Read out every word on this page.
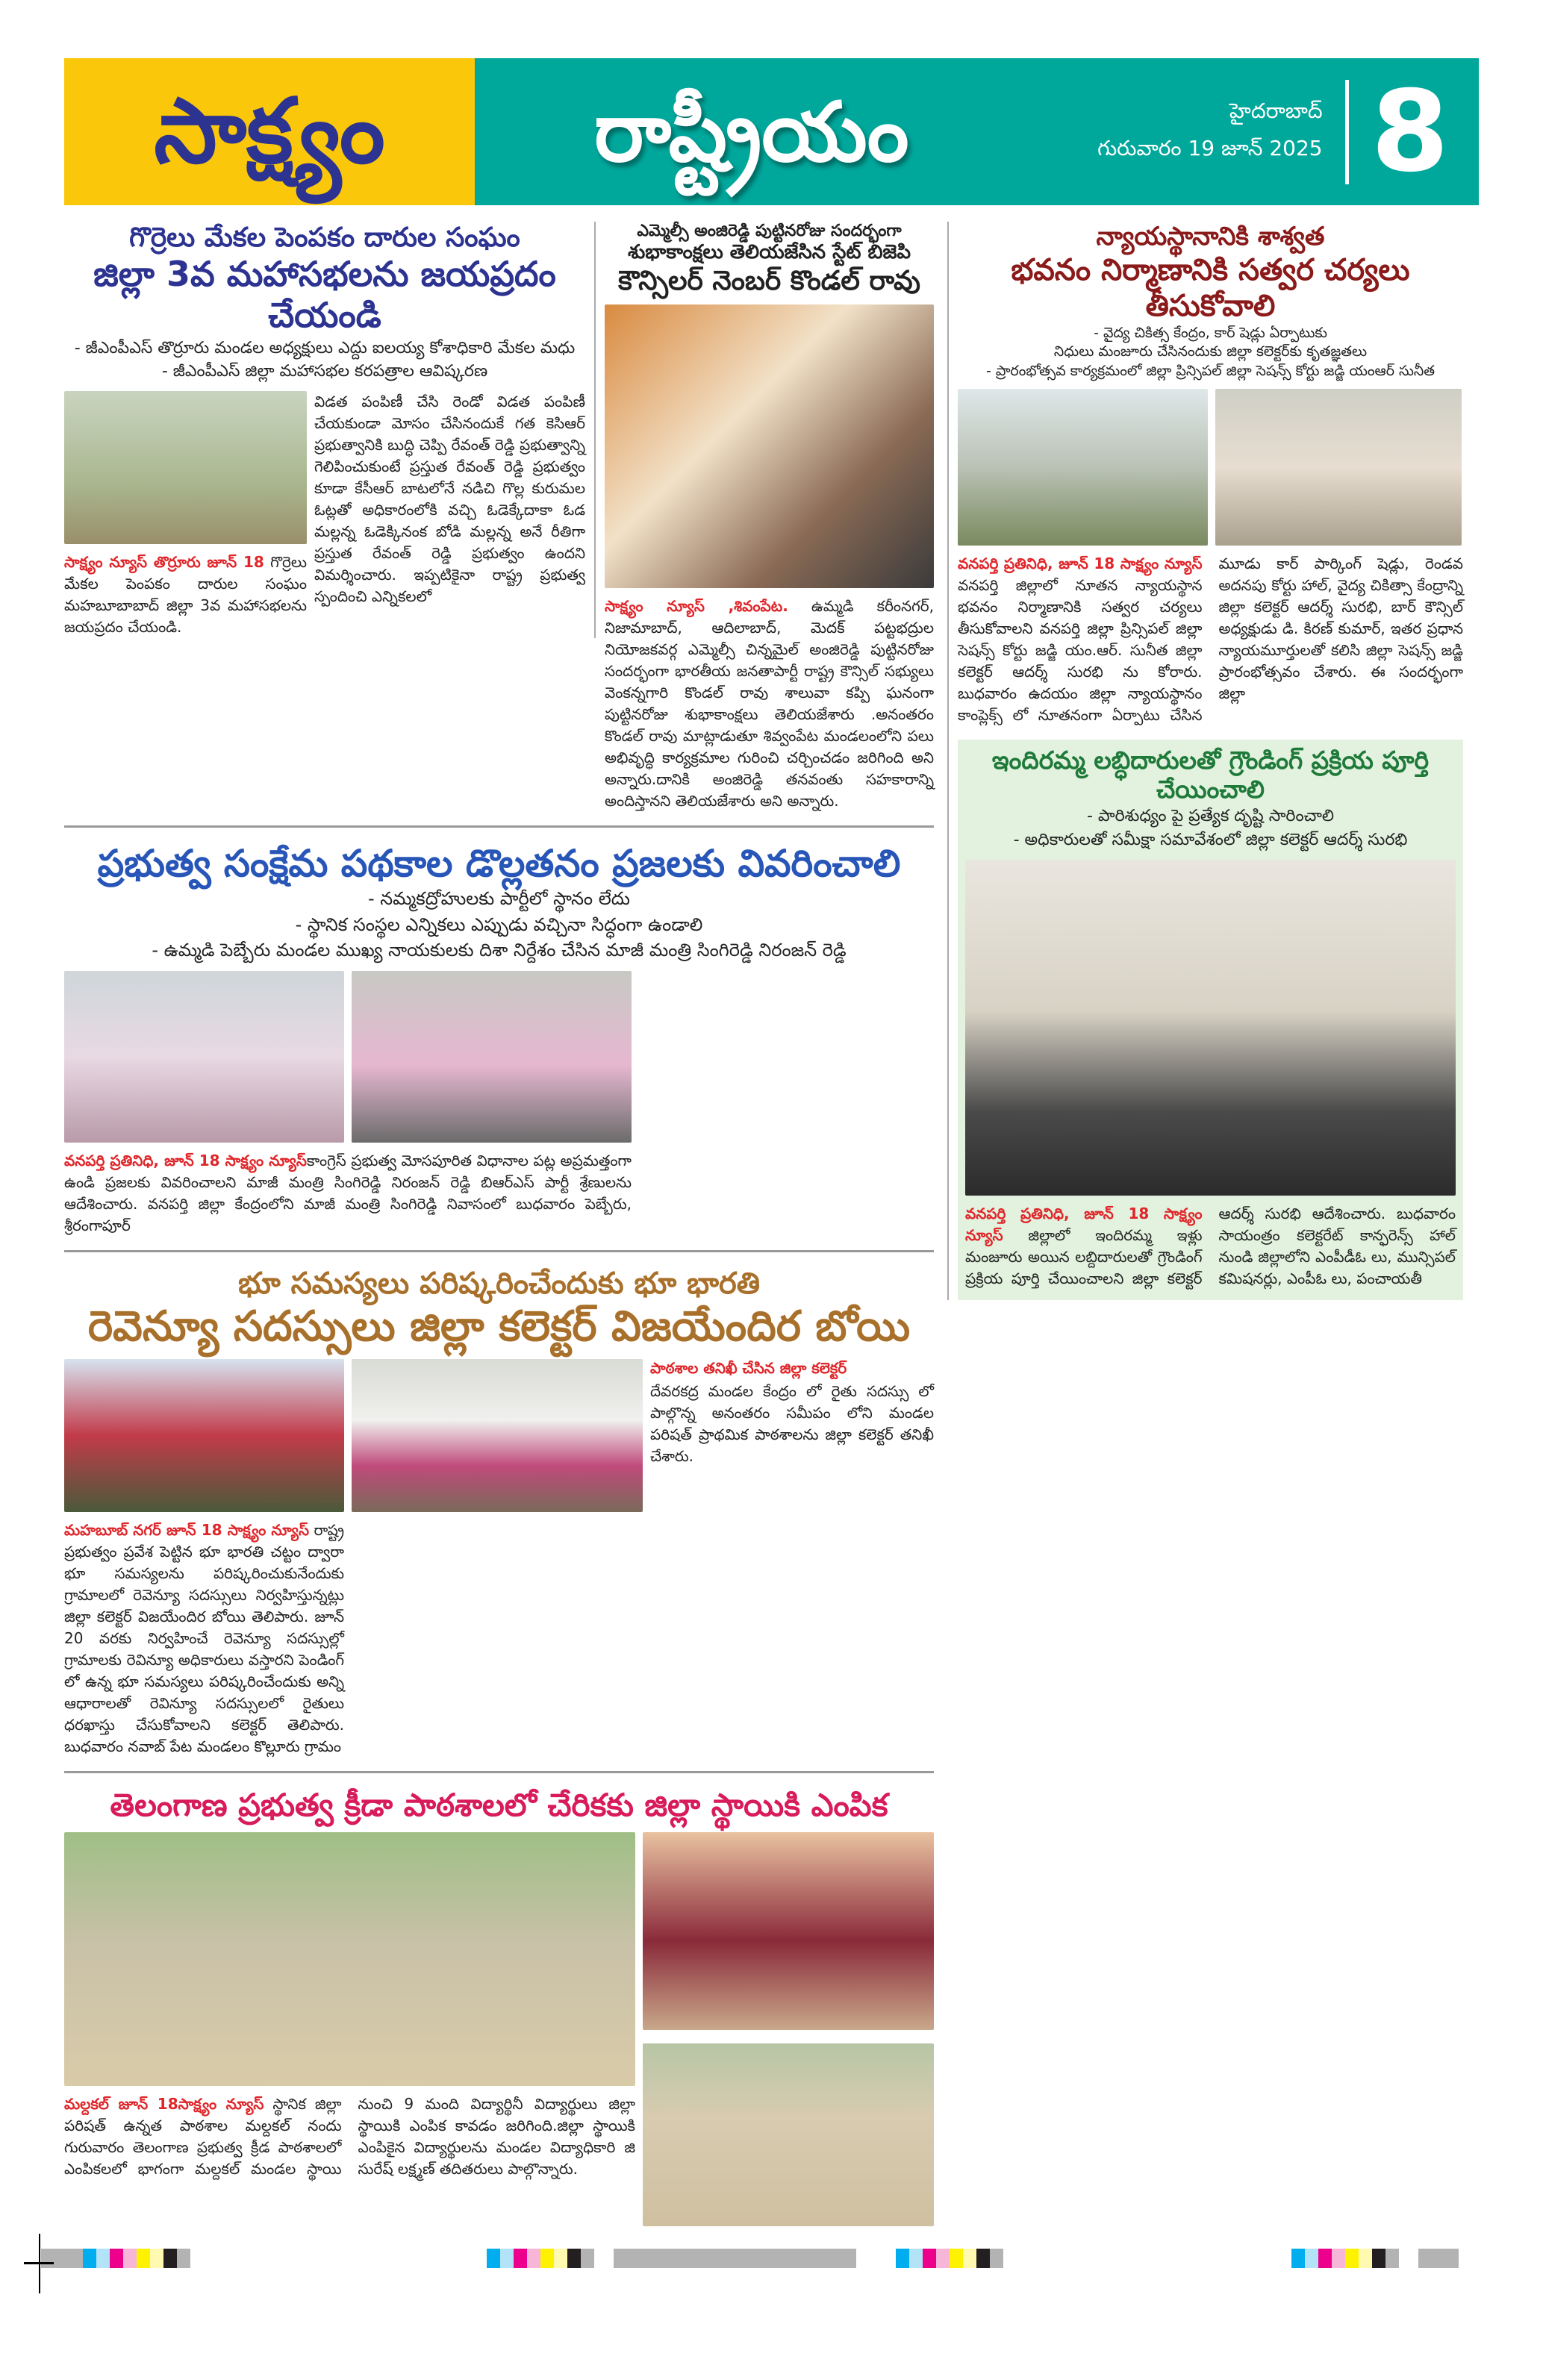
సాక్ష్యం	రాష్ట్రీయం	హైదరాబాద్
గురువారం 19 జూన్ 2025 8
గొర్రెలు మేకల పెంపకం దారుల సంఘం
జిల్లా 3వ మహాసభలను జయప్రదం చేయండి
- జీఎంపీఎస్ తొర్రూరు మండల అధ్యక్షులు ఎద్దు ఐలయ్య కోశాధికారి మేకల మధు
- జీఎంపీఎస్ జిల్లా మహాసభల కరపత్రాల ఆవిష్కరణ
సాక్ష్యం న్యూస్ తొర్రూరు జూన్ 18 గొర్రెలు మేకల పెంపకం దారుల సంఘం మహబూబాబాద్ జిల్లా 3వ మహాసభలను జయప్రదం చేయండి.
విడత పంపిణీ చేసి రెండో విడత పంపిణీ చేయకుండా మోసం చేసినందుకే గత కెసిఆర్ ప్రభుత్వానికి బుద్ధి చెప్పి రేవంత్ రెడ్డి ప్రభుత్వాన్ని గెలిపించుకుంటే ప్రస్తుత రేవంత్ రెడ్డి ప్రభుత్వం కూడా కేసీఆర్ బాటలోనే నడిచి గొల్ల కురుమల ఓట్లతో అధికారంలోకి వచ్చి ఓడెక్కేదాకా ఓడ మల్లన్న ఓడెక్కినంక బోడి మల్లన్న అనే రీతిగా ప్రస్తుత రేవంత్ రెడ్డి ప్రభుత్వం ఉందని విమర్శించారు. ఇప్పటికైనా రాష్ట్ర ప్రభుత్వ స్పందించి ఎన్నికలలో
ఎమ్మెల్సీ అంజిరెడ్డి పుట్టినరోజు సందర్భంగా
శుభాకాంక్షలు తెలియజేసిన స్టేట్ బిజెపి
కౌన్సిలర్ నెంబర్ కొండల్ రావు
సాక్ష్యం న్యూస్ ,శివంపేట. ఉమ్మడి కరీంనగర్, నిజామాబాద్, ఆదిలాబాద్, మెదక్ పట్టభద్రుల నియోజకవర్గ ఎమ్మెల్సీ చిన్నమైల్ అంజిరెడ్డి పుట్టినరోజు సందర్భంగా భారతీయ జనతాపార్టీ రాష్ట్ర కౌన్సిల్ సభ్యులు వెంకన్నగారి కొండల్ రావు శాలువా కప్పి ఘనంగా పుట్టినరోజు శుభాకాంక్షలు తెలియజేశారు .అనంతరం కొండల్ రావు మాట్లాడుతూ శివ్వంపేట మండలంలోని పలు అభివృద్ధి కార్యక్రమాల గురించి చర్చించడం జరిగింది అని అన్నారు.దానికి అంజిరెడ్డి తనవంతు సహకారాన్ని అందిస్తానని తెలియజేశారు అని అన్నారు.
ప్రభుత్వ సంక్షేమ పథకాల డొల్లతనం ప్రజలకు వివరించాలి
- నమ్మకద్రోహులకు పార్టీలో స్థానం లేదు
- స్థానిక సంస్థల ఎన్నికలు ఎప్పుడు వచ్చినా సిద్ధంగా ఉండాలి
- ఉమ్మడి పెబ్బేరు మండల ముఖ్య నాయకులకు దిశా నిర్దేశం చేసిన మాజీ మంత్రి సింగిరెడ్డి నిరంజన్ రెడ్డి
వనపర్తి ప్రతినిధి, జూన్ 18 సాక్ష్యం న్యూస్కాంగ్రెస్ ప్రభుత్వ మోసపూరిత విధానాల పట్ల అప్రమత్తంగా ఉండి ప్రజలకు వివరించాలని మాజీ మంత్రి సింగిరెడ్డి నిరంజన్ రెడ్డి బిఆర్ఎస్ పార్టీ శ్రేణులను ఆదేశించారు. వనపర్తి జిల్లా కేంద్రంలోని మాజీ మంత్రి సింగిరెడ్డి నివాసంలో బుధవారం పెబ్బేరు, శ్రీరంగాపూర్
భూ సమస్యలు పరిష్కరించేందుకు భూ భారతి
రెవెన్యూ సదస్సులు జిల్లా కలెక్టర్ విజయేందిర బోయి
మహబూబ్ నగర్ జూన్ 18 సాక్ష్యం న్యూస్ రాష్ట్ర ప్రభుత్వం ప్రవేశ పెట్టిన భూ భారతి చట్టం ద్వారా భూ సమస్యలను పరిష్కరించుకునేందుకు గ్రామాలలో రెవెన్యూ సదస్సులు నిర్వహిస్తున్నట్లు జిల్లా కలెక్టర్ విజయేందిర బోయి తెలిపారు. జూన్ 20 వరకు నిర్వహించే రెవెన్యూ సదస్సుల్లో గ్రామాలకు రెవిన్యూ అధికారులు వస్తారని పెండింగ్ లో ఉన్న భూ సమస్యలు పరిష్కరించేందుకు అన్ని ఆధారాలతో రెవిన్యూ సదస్సులలో రైతులు ధరఖాస్తు చేసుకోవాలని కలెక్టర్ తెలిపారు. బుధవారం నవాబ్ పేట మండలం కొల్లూరు గ్రామం
పాఠశాల తనిఖీ చేసిన జిల్లా కలెక్టర్
దేవరకద్ర మండల కేంద్రం లో రైతు సదస్సు లో పాల్గొన్న అనంతరం సమీపం లోని మండల పరిషత్ ప్రాథమిక పాఠశాలను జిల్లా కలెక్టర్ తనిఖీ చేశారు.
తెలంగాణ ప్రభుత్వ క్రీడా పాఠశాలలో చేరికకు జిల్లా స్థాయికి ఎంపిక
మల్దకల్ జూన్ 18సాక్ష్యం న్యూస్ స్థానిక జిల్లా పరిషత్ ఉన్నత పాఠశాల మల్దకల్ నందు గురువారం తెలంగాణ ప్రభుత్వ క్రీడ పాఠశాలలో ఎంపికలలో భాగంగా మల్దకల్ మండల స్థాయి నుంచి 9 మంది విద్యార్థినీ విద్యార్థులు జిల్లా స్థాయికి ఎంపిక కావడం జరిగింది.జిల్లా స్థాయికి ఎంపికైన విద్యార్థులను మండల విద్యాధికారి జి సురేష్ లక్ష్మణ్ తదితరులు పాల్గొన్నారు.
న్యాయస్థానానికి శాశ్వత
భవనం నిర్మాణానికి సత్వర చర్యలు తీసుకోవాలి
- వైద్య చికిత్స కేంద్రం, కార్ షెడ్లు ఏర్పాటుకు
నిధులు మంజూరు చేసినందుకు జిల్లా కలెక్టర్‌కు కృతజ్ఞతలు
- ప్రారంభోత్సవ కార్యక్రమంలో జిల్లా ప్రిన్సిపల్ జిల్లా సెషన్స్ కోర్టు జడ్జి యంఆర్ సునీత
వనపర్తి ప్రతినిధి, జూన్ 18 సాక్ష్యం న్యూస్ వనపర్తి జిల్లాలో నూతన న్యాయస్థాన భవనం నిర్మాణానికి సత్వర చర్యలు తీసుకోవాలని వనపర్తి జిల్లా ప్రిన్సిపల్ జిల్లా సెషన్స్ కోర్టు జడ్జి యం.ఆర్. సునీత జిల్లా కలెక్టర్ ఆదర్శ్ సురభి ను కోరారు. బుధవారం ఉదయం జిల్లా న్యాయస్థానం కాంప్లెక్స్ లో నూతనంగా ఏర్పాటు చేసిన మూడు కార్ పార్కింగ్ షెడ్లు, రెండవ అదనపు కోర్టు హాల్, వైద్య చికిత్సా కేంద్రాన్ని జిల్లా కలెక్టర్ ఆదర్శ్ సురభి, బార్ కౌన్సిల్ అధ్యక్షుడు డి. కిరణ్ కుమార్, ఇతర ప్రధాన న్యాయమూర్తులతో కలిసి జిల్లా సెషన్స్ జడ్జి ప్రారంభోత్సవం చేశారు. ఈ సందర్భంగా జిల్లా
ఇందిరమ్మ లబ్ధిదారులతో గ్రౌండింగ్ ప్రక్రియ పూర్తి చేయించాలి
- పారిశుధ్యం పై ప్రత్యేక దృష్టి సారించాలి
- అధికారులతో సమీక్షా సమావేశంలో జిల్లా కలెక్టర్ ఆదర్శ్ సురభి
వనపర్తి ప్రతినిధి, జూన్ 18 సాక్ష్యం న్యూస్ జిల్లాలో ఇందిరమ్మ ఇళ్లు మంజూరు అయిన లబ్దిదారులతో గ్రౌండింగ్ ప్రక్రియ పూర్తి చేయించాలని జిల్లా కలెక్టర్ ఆదర్శ్ సురభి ఆదేశించారు. బుధవారం సాయంత్రం కలెక్టరేట్ కాన్ఫరెన్స్ హాల్ నుండి జిల్లాలోని ఎంపీడీఓ లు, మున్సిపల్ కమిషనర్లు, ఎంపీఓ లు, పంచాయతీ
